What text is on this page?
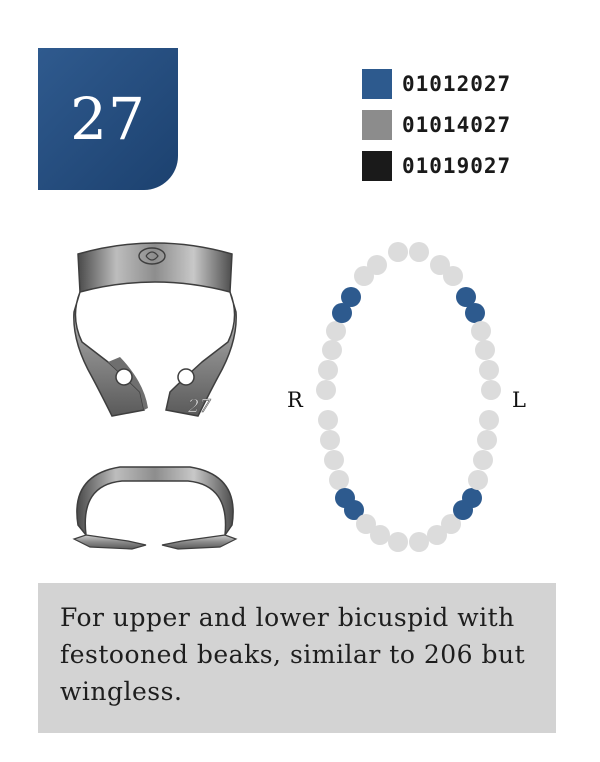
27
01012027
01014027
01019027
27	R	L

For upper and lower bicuspid with festooned beaks, similar to 206 but wingless.
